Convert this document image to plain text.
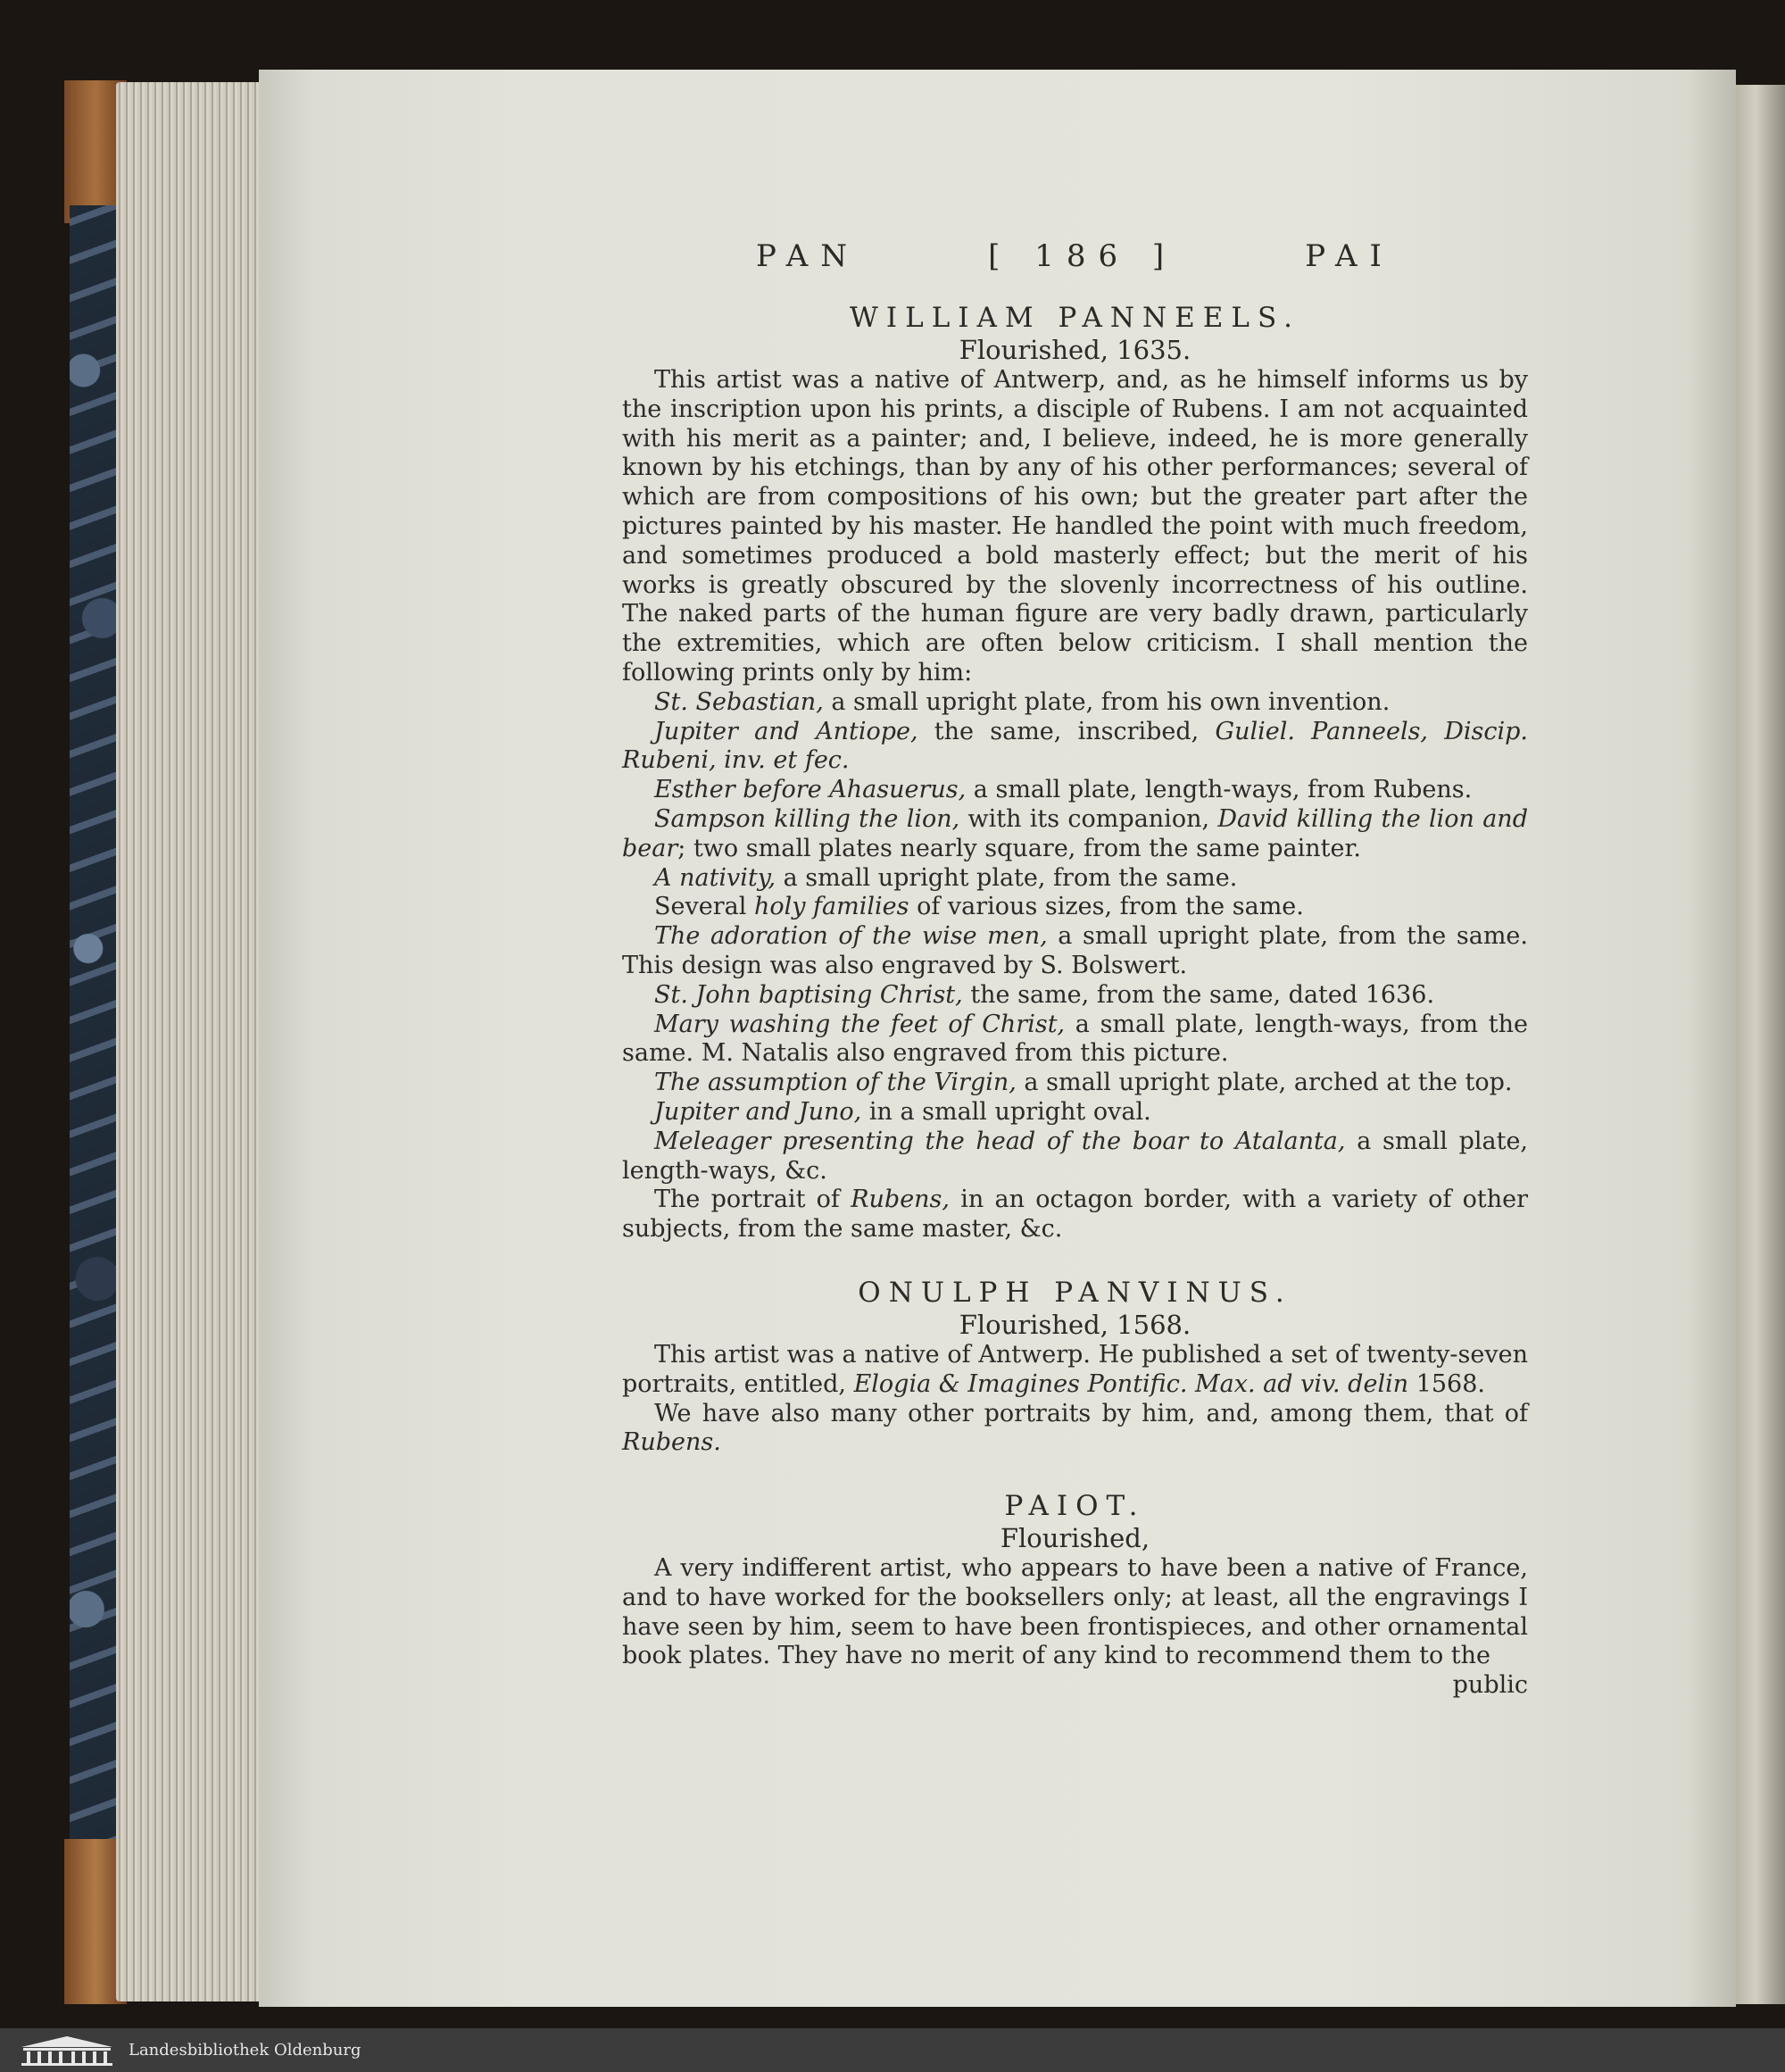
PAN	[ 186 ]	PAI
WILLIAM PANNEELS.
Flourished, 1635.

This artist was a native of Antwerp, and, as he himself informs us by the inscription upon his prints, a disciple of Rubens. I am not acquainted with his merit as a painter; and, I believe, indeed, he is more generally known by his etchings, than by any of his other performances; several of which are from compositions of his own; but the greater part after the pictures painted by his master. He handled the point with much freedom, and sometimes produced a bold masterly effect; but the merit of his works is greatly obscured by the slovenly incorrectness of his outline. The naked parts of the human figure are very badly drawn, particularly the extremities, which are often below criticism. I shall mention the following prints only by him:

St. Sebastian, a small upright plate, from his own invention.

Jupiter and Antiope, the same, inscribed, Guliel. Panneels, Discip. Rubeni, inv. et fec.

Esther before Ahasuerus, a small plate, length-ways, from Rubens.

Sampson killing the lion, with its companion, David killing the lion and bear; two small plates nearly square, from the same painter.

A nativity, a small upright plate, from the same.

Several holy families of various sizes, from the same.

The adoration of the wise men, a small upright plate, from the same. This design was also engraved by S. Bolswert.

St. John baptising Christ, the same, from the same, dated 1636.

Mary washing the feet of Christ, a small plate, length-ways, from the same. M. Natalis also engraved from this picture.

The assumption of the Virgin, a small upright plate, arched at the top.

Jupiter and Juno, in a small upright oval.

Meleager presenting the head of the boar to Atalanta, a small plate, length-ways, &c.

The portrait of Rubens, in an octagon border, with a variety of other subjects, from the same master, &c.

ONULPH PANVINUS.
Flourished, 1568.

This artist was a native of Antwerp. He published a set of twenty-seven portraits, entitled, Elogia & Imagines Pontific. Max. ad viv. delin 1568.

We have also many other portraits by him, and, among them, that of Rubens.

PAIOT.
Flourished,

A very indifferent artist, who appears to have been a native of France, and to have worked for the booksellers only; at least, all the engravings I have seen by him, seem to have been frontispieces, and other ornamental book plates. They have no merit of any kind to recommend them to the

public
Landesbibliothek Oldenburg
